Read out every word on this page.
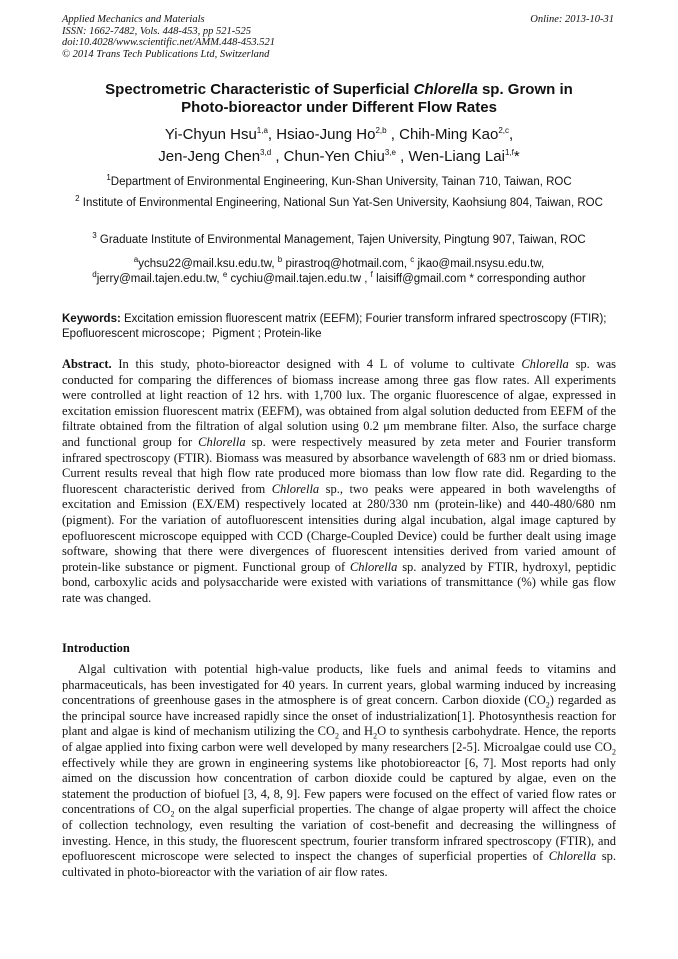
Applied Mechanics and Materials
ISSN: 1662-7482, Vols. 448-453, pp 521-525
doi:10.4028/www.scientific.net/AMM.448-453.521
© 2014 Trans Tech Publications Ltd, Switzerland
Online: 2013-10-31
Spectrometric Characteristic of Superficial Chlorella sp. Grown in
Photo-bioreactor under Different Flow Rates
Yi-Chyun Hsu$^{1,a}$, Hsiao-Jung Ho$^{2,b}$ , Chih-Ming Kao$^{2,c}$,
Jen-Jeng Chen$^{3,d}$ , Chun-Yen Chiu$^{3,e}$ , Wen-Liang Lai$^{1,f}$*
$^1$Department of Environmental Engineering, Kun-Shan University, Tainan 710, Taiwan, ROC
$^2$ Institute of Environmental Engineering, National Sun Yat-Sen University, Kaohsiung 804, Taiwan, ROC
$^3$ Graduate Institute of Environmental Management, Tajen University, Pingtung 907, Taiwan, ROC
$^a$ychsu22@mail.ksu.edu.tw, $^b$ pirastroq@hotmail.com, $^c$ jkao@mail.nsysu.edu.tw,
$^d$jerry@mail.tajen.edu.tw, $^e$ cychiu@mail.tajen.edu.tw , $^f$ laisiff@gmail.com * corresponding author
Keywords: Excitation emission fluorescent matrix (EEFM); Fourier transform infrared spectroscopy (FTIR); Epofluorescent microscope；Pigment ; Protein-like
Abstract. In this study, photo-bioreactor designed with 4 L of volume to cultivate Chlorella sp. was conducted for comparing the differences of biomass increase among three gas flow rates. All experiments were controlled at light reaction of 12 hrs. with 1,700 lux. The organic fluorescence of algae, expressed in excitation emission fluorescent matrix (EEFM), was obtained from algal solution deducted from EEFM of the filtrate obtained from the filtration of algal solution using 0.2 μm membrane filter. Also, the surface charge and functional group for Chlorella sp. were respectively measured by zeta meter and Fourier transform infrared spectroscopy (FTIR). Biomass was measured by absorbance wavelength of 683 nm or dried biomass. Current results reveal that high flow rate produced more biomass than low flow rate did. Regarding to the fluorescent characteristic derived from Chlorella sp., two peaks were appeared in both wavelengths of excitation and Emission (EX/EM) respectively located at 280/330 nm (protein-like) and 440-480/680 nm (pigment). For the variation of autofluorescent intensities during algal incubation, algal image captured by epofluorescent microscope equipped with CCD (Charge-Coupled Device) could be further dealt using image software, showing that there were divergences of fluorescent intensities derived from varied amount of protein-like substance or pigment. Functional group of Chlorella sp. analyzed by FTIR, hydroxyl, peptidic bond, carboxylic acids and polysaccharide were existed with variations of transmittance (%) while gas flow rate was changed.
Introduction
Algal cultivation with potential high-value products, like fuels and animal feeds to vitamins and pharmaceuticals, has been investigated for 40 years. In current years, global warming induced by increasing concentrations of greenhouse gases in the atmosphere is of great concern. Carbon dioxide $(CO_2)$ regarded as the principal source have increased rapidly since the onset of industrialization[1]. Photosynthesis reaction for plant and algae is kind of mechanism utilizing the $CO_2$ and $H_2O$ to synthesis carbohydrate. Hence, the reports of algae applied into fixing carbon were well developed by many researchers [2-5]. Microalgae could use $CO_2$ effectively while they are grown in engineering systems like photobioreactor [6, 7]. Most reports had only aimed on the discussion how concentration of carbon dioxide could be captured by algae, even on the statement the production of biofuel [3, 4, 8, 9]. Few papers were focused on the effect of varied flow rates or concentrations of $CO_2$ on the algal superficial properties. The change of algae property will affect the choice of collection technology, even resulting the variation of cost-benefit and decreasing the willingness of investing. Hence, in this study, the fluorescent spectrum, fourier transform infrared spectroscopy (FTIR), and epofluorescent microscope were selected to inspect the changes of superficial properties of Chlorella sp. cultivated in photo-bioreactor with the variation of air flow rates.
